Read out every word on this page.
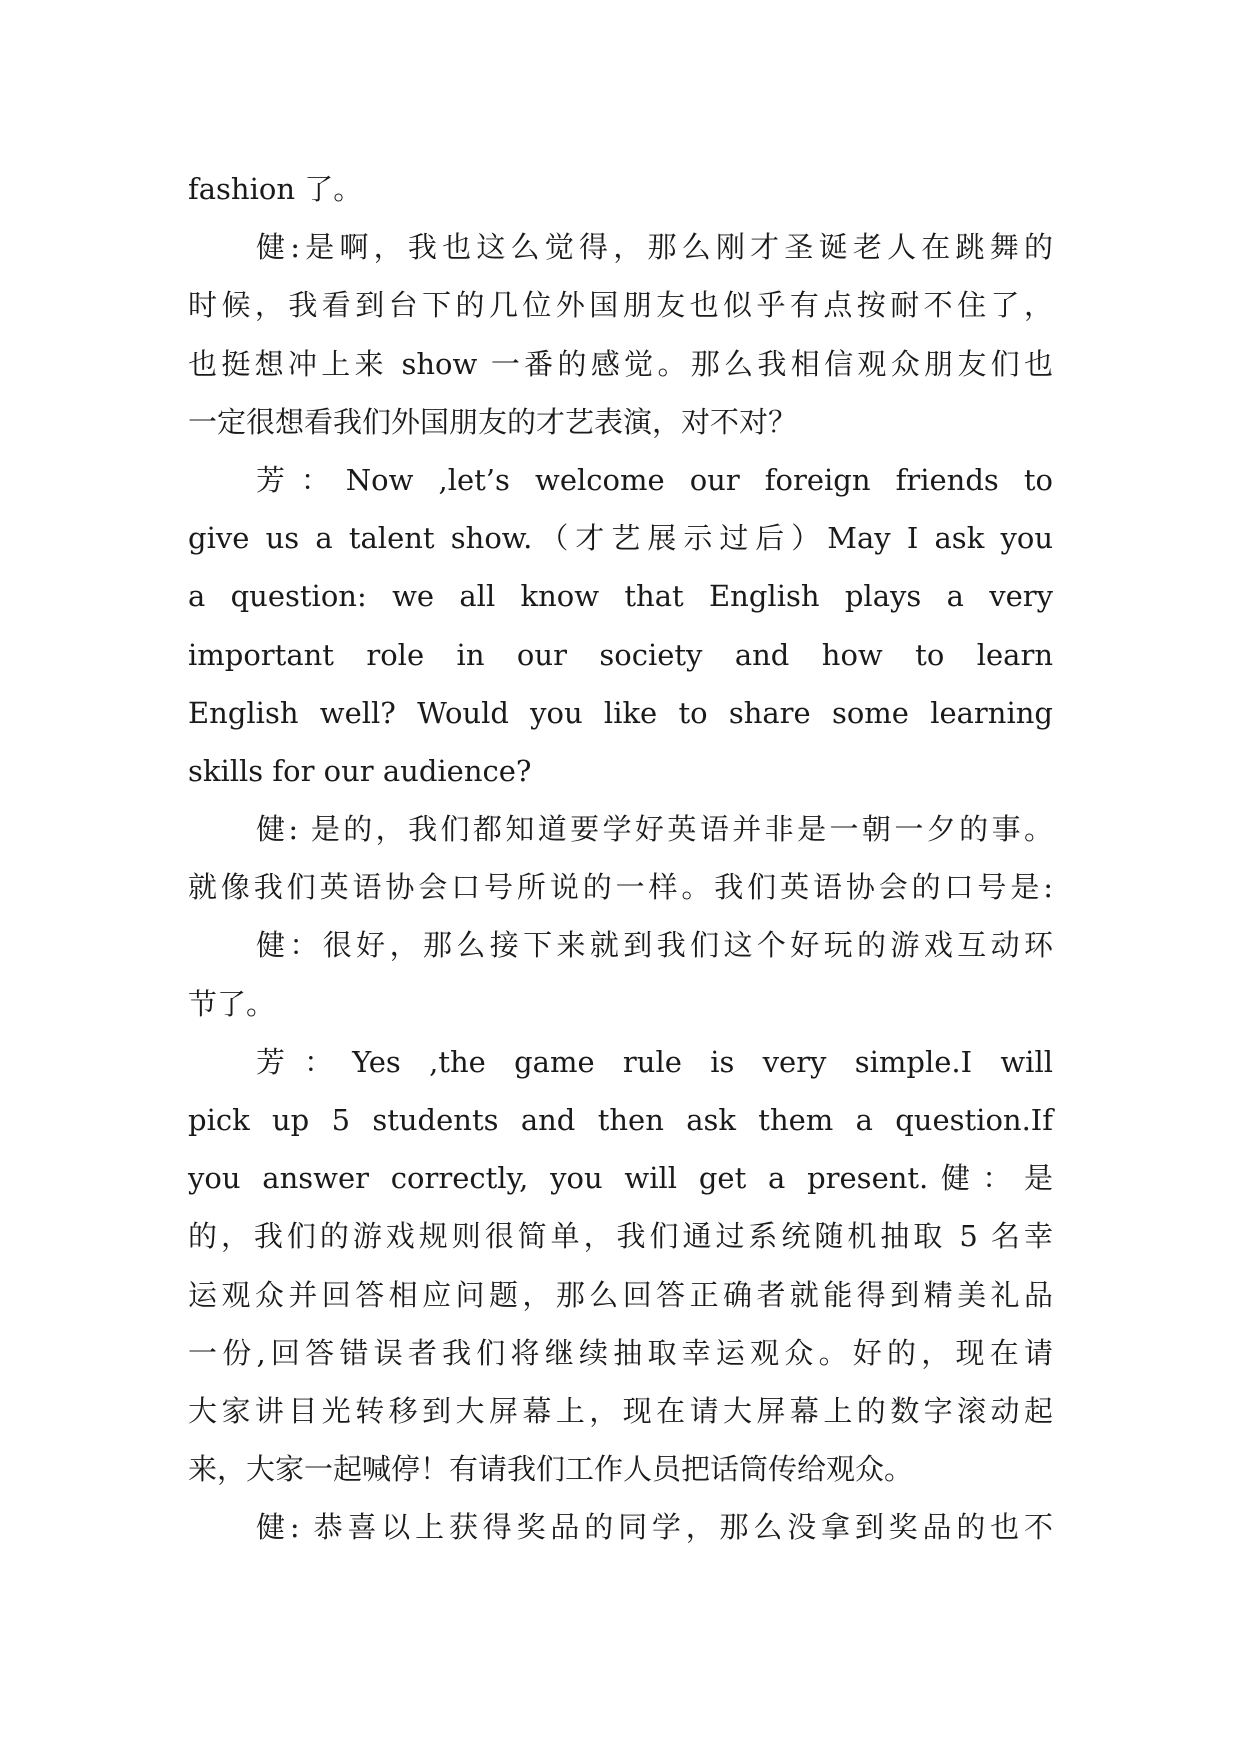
fashion 了。
健:是啊，我也这么觉得，那么刚才圣诞老人在跳舞的
时候，我看到台下的几位外国朋友也似乎有点按耐不住了，
也挺想冲上来 show 一番的感觉。那么我相信观众朋友们也
一定很想看我们外国朋友的才艺表演，对不对？
芳：Now ,let’s welcome our foreign friends to
give us a talent show.（才艺展示过后）May I ask you
a question: we all know that English plays a very
important role in our society and how to learn
English well? Would you like to share some learning
skills for our audience?
健: 是的，我们都知道要学好英语并非是一朝一夕的事。
就像我们英语协会口号所说的一样。我们英语协会的口号是:
健：很好，那么接下来就到我们这个好玩的游戏互动环
节了。
芳：Yes ,the game rule is very simple.I will
pick up 5 students and then ask them a question.If
you answer correctly, you will get a present.健：是
的，我们的游戏规则很简单，我们通过系统随机抽取 5 名幸
运观众并回答相应问题，那么回答正确者就能得到精美礼品
一份,回答错误者我们将继续抽取幸运观众。好的，现在请
大家讲目光转移到大屏幕上，现在请大屏幕上的数字滚动起
来，大家一起喊停！有请我们工作人员把话筒传给观众。
健: 恭喜以上获得奖品的同学，那么没拿到奖品的也不
